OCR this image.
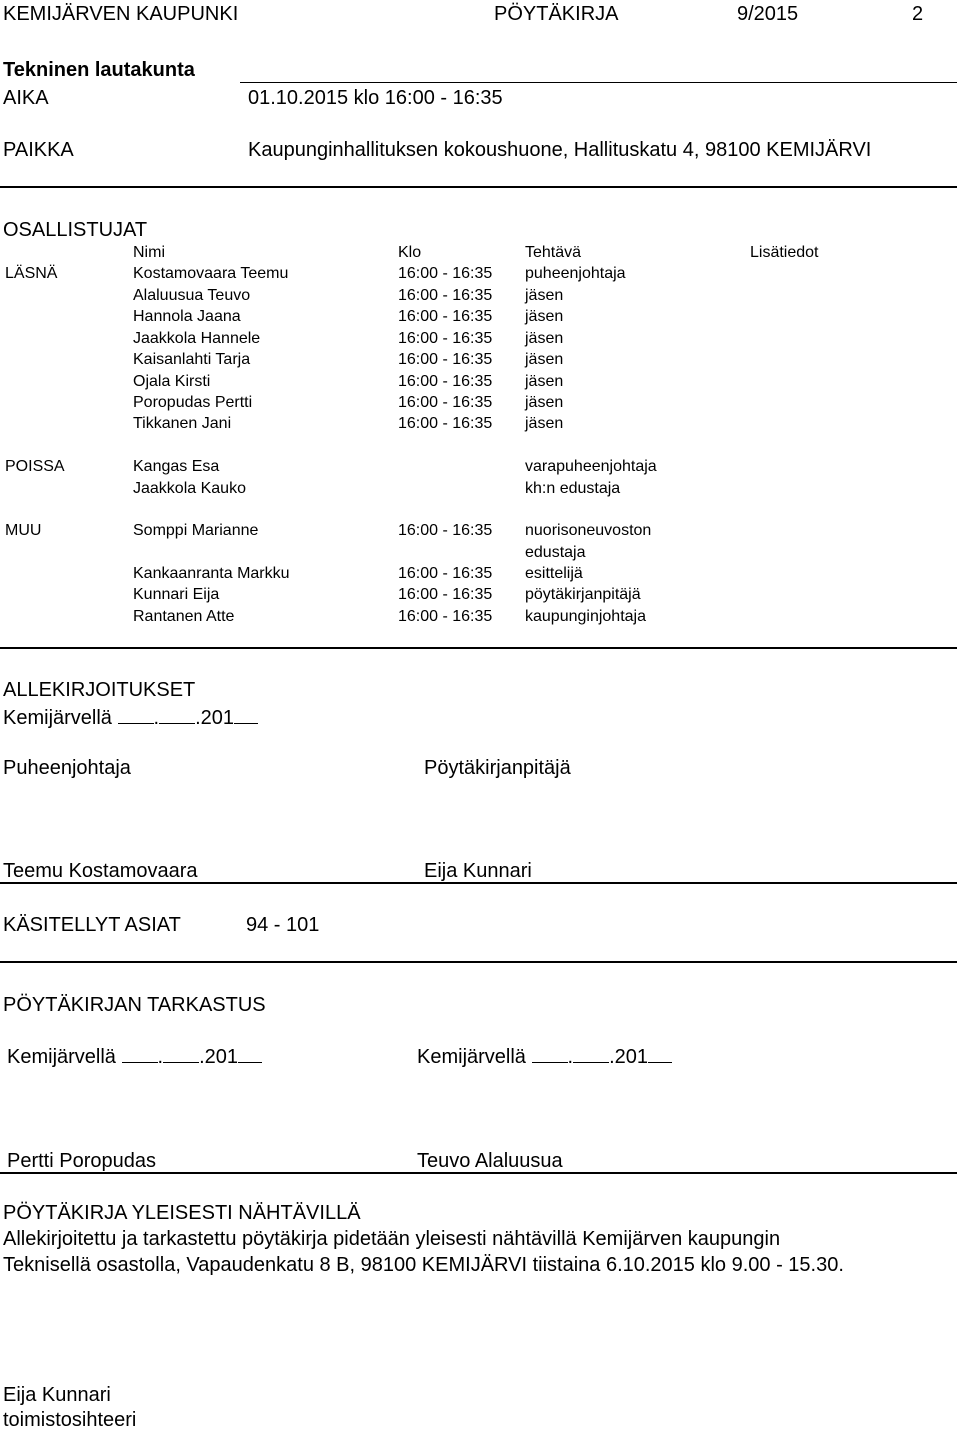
KEMIJÄRVEN KAUPUNKI	PÖYTÄKIRJA	9/2015	2
Tekninen lautakunta
AIKA	01.10.2015 klo 16:00 - 16:35
PAIKKA	Kaupunginhallituksen kokoushuone, Hallituskatu 4, 98100 KEMIJÄRVI
OSALLISTUJAT
Nimi	Klo	Tehtävä	Lisätiedot
LÄSNÄ	Kostamovaara Teemu	16:00 - 16:35 puheenjohtaja
Alaluusua Teuvo	16:00 - 16:35 jäsen
Hannola Jaana	16:00 - 16:35 jäsen
Jaakkola Hannele	16:00 - 16:35 jäsen
Kaisanlahti Tarja	16:00 - 16:35 jäsen
Ojala Kirsti	16:00 - 16:35 jäsen
Poropudas Pertti	16:00 - 16:35 jäsen
Tikkanen Jani	16:00 - 16:35 jäsen
POISSA	Kangas Esa	varapuheenjohtaja
Jaakkola Kauko	kh:n edustaja
MUU	Somppi Marianne	16:00 - 16:35 nuorisoneuvoston
edustaja
Kankaanranta Markku	16:00 - 16:35 esittelijä
Kunnari Eija	16:00 - 16:35 pöytäkirjanpitäjä
Rantanen Atte	16:00 - 16:35 kaupunginjohtaja
ALLEKIRJOITUKSET
Kemijärvellä . .201
Puheenjohtaja	Pöytäkirjanpitäjä
Teemu Kostamovaara	Eija Kunnari
KÄSITELLYT ASIAT	94 - 101
PÖYTÄKIRJAN TARKASTUS
Kemijärvellä . .201	Kemijärvellä . .201
Pertti Poropudas	Teuvo Alaluusua
PÖYTÄKIRJA YLEISESTI NÄHTÄVILLÄ
Allekirjoitettu ja tarkastettu pöytäkirja pidetään yleisesti nähtävillä Kemijärven kaupungin
Teknisellä osastolla, Vapaudenkatu 8 B, 98100 KEMIJÄRVI tiistaina 6.10.2015 klo 9.00 - 15.30.
Eija Kunnari
toimistosihteeri
